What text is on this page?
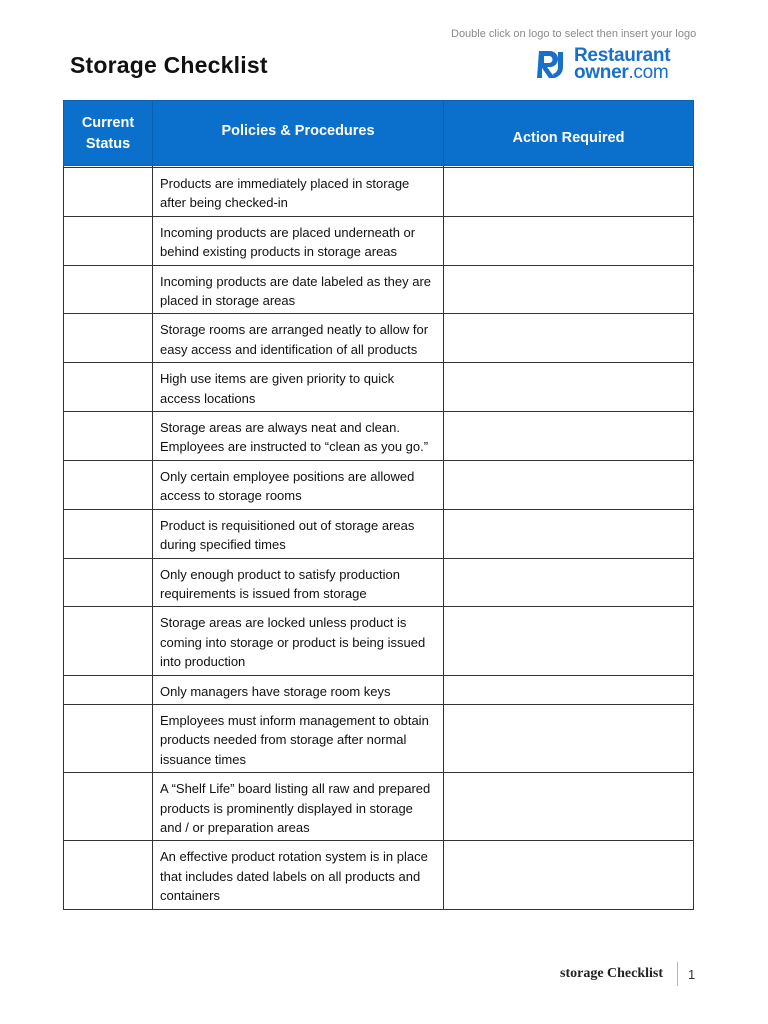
Double click on logo to select then insert your logo
Storage Checklist	Restaurant
owner.com
Current Status	Policies & Procedures	Action Required

	Products are immediately placed in storage after being checked-in	
	Incoming products are placed underneath or behind existing products in storage areas	
	Incoming products are date labeled as they are placed in storage areas	
	Storage rooms are arranged neatly to allow for easy access and identification of all products	
	High use items are given priority to quick access locations	
	Storage areas are always neat and clean. Employees are instructed to “clean as you go.”	
	Only certain employee positions are allowed access to storage rooms	
	Product is requisitioned out of storage areas during specified times	
	Only enough product to satisfy production requirements is issued from storage	
	Storage areas are locked unless product is coming into storage or product is being issued into production	
	Only managers have storage room keys	
	Employees must inform management to obtain products needed from storage after normal issuance times	
	A “Shelf Life” board listing all raw and prepared products is prominently displayed in storage and / or preparation areas	
	An effective product rotation system is in place that includes dated labels on all products and containers	
storage Checklist 1
